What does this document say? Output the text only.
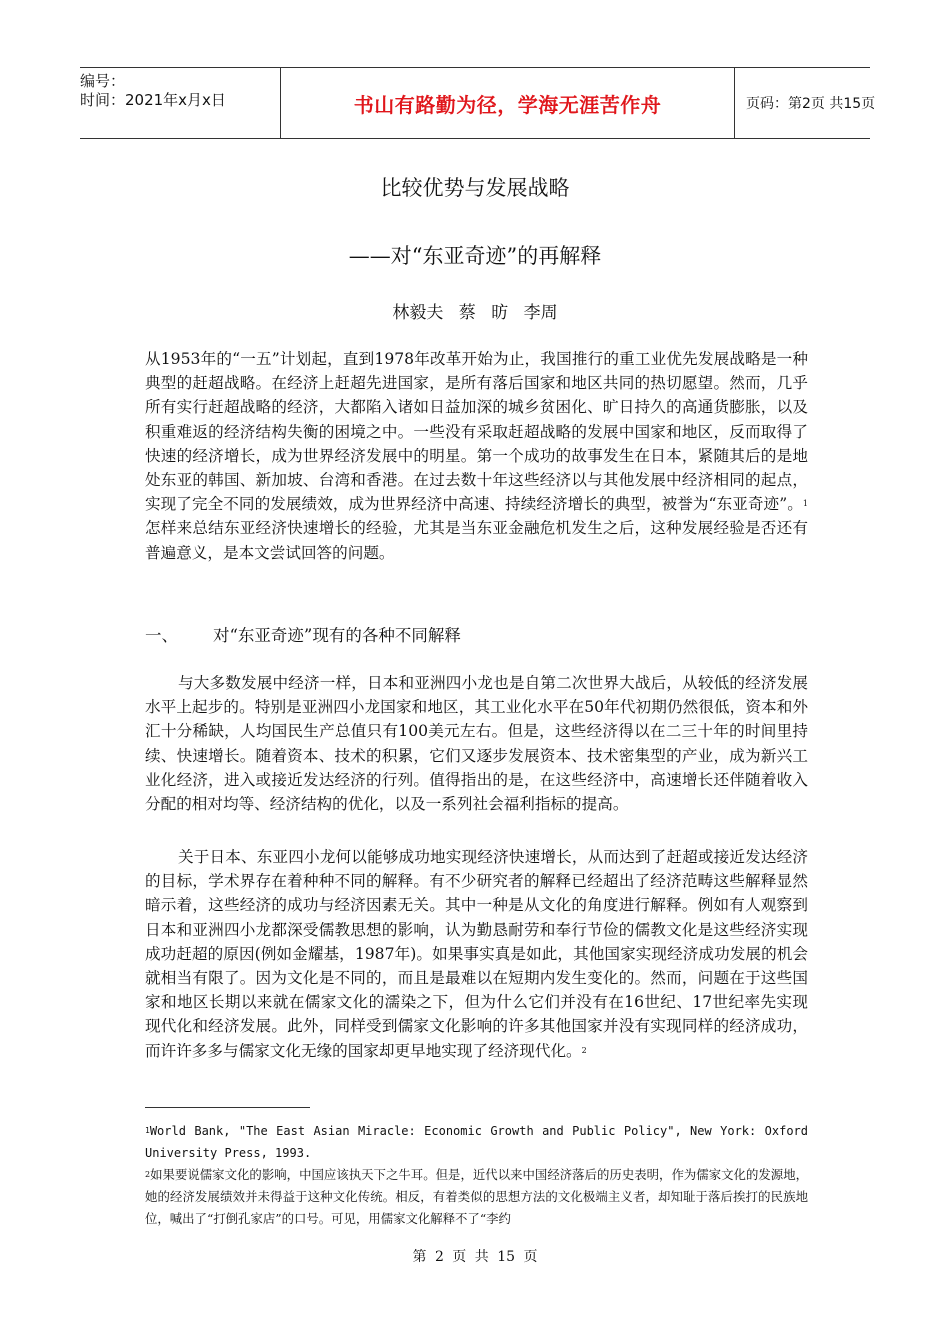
编号：
时间：2021年x月x日	书山有路勤为径，学海无涯苦作舟	页码：第2页 共15页
比较优势与发展战略
——对“东亚奇迹”的再解释
林毅夫 蔡 昉 李周

从1953年的“一五”计划起，直到1978年改革开始为止，我国推行的重工业优先发展战略是一种典型的赶超战略。在经济上赶超先进国家，是所有落后国家和地区共同的热切愿望。然而，几乎所有实行赶超战略的经济，大都陷入诸如日益加深的城乡贫困化、旷日持久的高通货膨胀，以及积重难返的经济结构失衡的困境之中。一些没有采取赶超战略的发展中国家和地区，反而取得了快速的经济增长，成为世界经济发展中的明星。第一个成功的故事发生在日本，紧随其后的是地处东亚的韩国、新加坡、台湾和香港。在过去数十年这些经济以与其他发展中经济相同的起点，实现了完全不同的发展绩效，成为世界经济中高速、持续经济增长的典型，被誉为“东亚奇迹”。$^1$怎样来总结东亚经济快速增长的经验，尤其是当东亚金融危机发生之后，这种发展经验是否还有普遍意义，是本文尝试回答的问题。

一、 对“东亚奇迹”现有的各种不同解释

与大多数发展中经济一样，日本和亚洲四小龙也是自第二次世界大战后，从较低的经济发展水平上起步的。特别是亚洲四小龙国家和地区，其工业化水平在50年代初期仍然很低，资本和外汇十分稀缺，人均国民生产总值只有100美元左右。但是，这些经济得以在二三十年的时间里持续、快速增长。随着资本、技术的积累，它们又逐步发展资本、技术密集型的产业，成为新兴工业化经济，进入或接近发达经济的行列。值得指出的是，在这些经济中，高速增长还伴随着收入分配的相对均等、经济结构的优化，以及一系列社会福利指标的提高。

关于日本、东亚四小龙何以能够成功地实现经济快速增长，从而达到了赶超或接近发达经济的目标，学术界存在着种种不同的解释。有不少研究者的解释已经超出了经济范畴这些解释显然暗示着，这些经济的成功与经济因素无关。其中一种是从文化的角度进行解释。例如有人观察到日本和亚洲四小龙都深受儒教思想的影响，认为勤恳耐劳和奉行节俭的儒教文化是这些经济实现成功赶超的原因(例如金耀基，1987年)。如果事实真是如此，其他国家实现经济成功发展的机会就相当有限了。因为文化是不同的，而且是最难以在短期内发生变化的。然而，问题在于这些国家和地区长期以来就在儒家文化的濡染之下，但为什么它们并没有在16世纪、17世纪率先实现现代化和经济发展。此外，同样受到儒家文化影响的许多其他国家并没有实现同样的经济成功，而许许多多与儒家文化无缘的国家却更早地实现了经济现代化。$^2$

$^1$World Bank, "The East Asian Miracle: Economic Growth and Public Policy", New York: Oxford University Press, 1993.

$^2$如果要说儒家文化的影响，中国应该执天下之牛耳。但是，近代以来中国经济落后的历史表明，作为儒家文化的发源地，她的经济发展绩效并未得益于这种文化传统。相反，有着类似的思想方法的文化极端主义者，却知耻于落后挨打的民族地位，喊出了“打倒孔家店”的口号。可见，用儒家文化解释不了“李约

第 2 页 共 15 页
